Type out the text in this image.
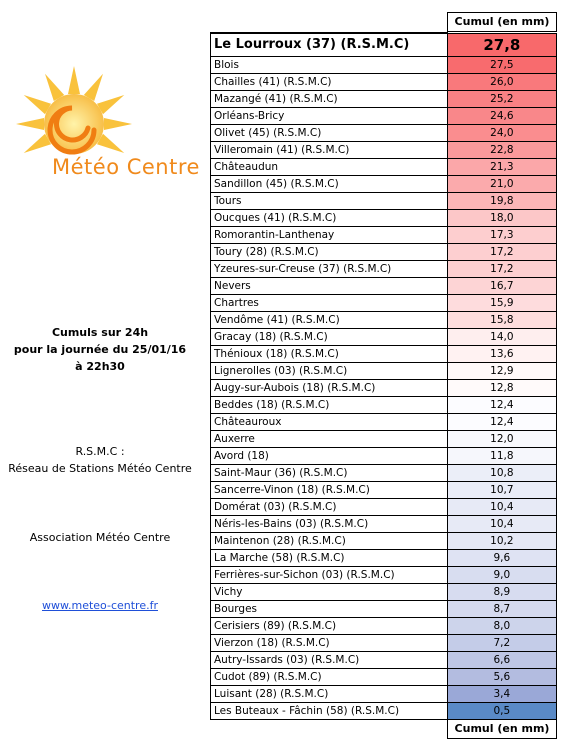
Météo Centre
Cumuls sur 24h
pour la journée du 25/01/16
à 22h30
R.S.M.C :
Réseau de Stations Météo Centre
Association Météo Centre
www.meteo-centre.fr
Cumul (en mm)
Le Lourroux (37) (R.S.M.C)	27,8
Blois	27,5
Chailles (41) (R.S.M.C)	26,0
Mazangé (41) (R.S.M.C)	25,2
Orléans-Bricy	24,6
Olivet (45) (R.S.M.C)	24,0
Villeromain (41) (R.S.M.C)	22,8
Châteaudun	21,3
Sandillon (45) (R.S.M.C)	21,0
Tours	19,8
Oucques (41) (R.S.M.C)	18,0
Romorantin-Lanthenay	17,3
Toury (28) (R.S.M.C)	17,2
Yzeures-sur-Creuse (37) (R.S.M.C)	17,2
Nevers	16,7
Chartres	15,9
Vendôme (41) (R.S.M.C)	15,8
Gracay (18) (R.S.M.C)	14,0
Thénioux (18) (R.S.M.C)	13,6
Lignerolles (03) (R.S.M.C)	12,9
Augy-sur-Aubois (18) (R.S.M.C)	12,8
Beddes (18) (R.S.M.C)	12,4
Châteauroux	12,4
Auxerre	12,0
Avord (18)	11,8
Saint-Maur (36) (R.S.M.C)	10,8
Sancerre-Vinon (18) (R.S.M.C)	10,7
Domérat (03) (R.S.M.C)	10,4
Néris-les-Bains (03) (R.S.M.C)	10,4
Maintenon (28) (R.S.M.C)	10,2
La Marche (58) (R.S.M.C)	9,6
Ferrières-sur-Sichon (03) (R.S.M.C)	9,0
Vichy	8,9
Bourges	8,7
Cerisiers (89) (R.S.M.C)	8,0
Vierzon (18) (R.S.M.C)	7,2
Autry-Issards (03) (R.S.M.C)	6,6
Cudot (89) (R.S.M.C)	5,6
Luisant (28) (R.S.M.C)	3,4
Les Buteaux - Fâchin (58) (R.S.M.C)	0,5
Cumul (en mm)
